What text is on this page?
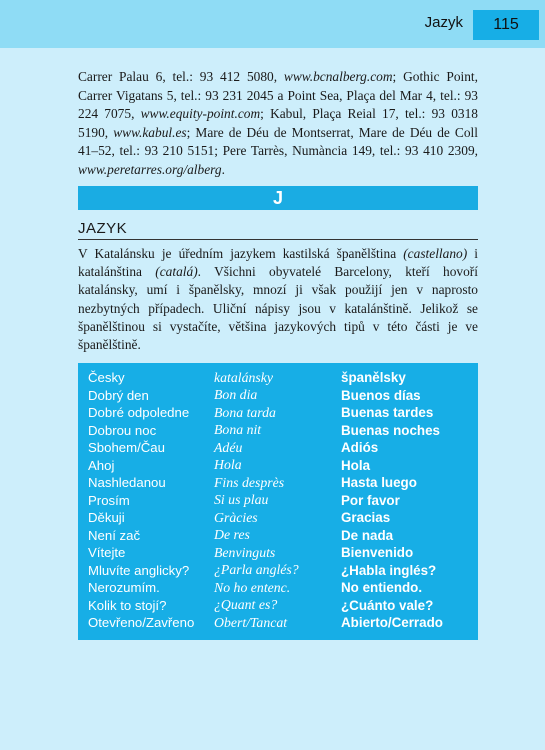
Jazyk	115

Carrer Palau 6, tel.: 93 412 5080, www.bcnalberg.com; Gothic Point, Carrer Vigatans 5, tel.: 93 231 2045 a Point Sea, Plaça del Mar 4, tel.: 93 224 7075, www.equity-point.com; Kabul, Plaça Reial 17, tel.: 93 0318 5190, www.kabul.es; Mare de Déu de Montserrat, Mare de Déu de Coll 41–52, tel.: 93 210 5151; Pere Tarrès, Numància 149, tel.: 93 410 2309, www.peretarres.org/alberg.

J
JAZYK

V Katalánsku je úředním jazykem kastilská španělština (castellano) i katalánština (catalá). Všichni obyvatelé Barcelony, kteří hovoří katalánsky, umí i španělsky, mnozí ji však použijí jen v naprosto nezbytných případech. Uliční nápisy jsou v katalánštině. Jelikož se španělštinou si vystačíte, většina jazykových tipů v této části je ve španělštině.

Česky	katalánsky	španělsky
Dobrý den	Bon dia	Buenos días
Dobré odpoledne	Bona tarda	Buenas tardes
Dobrou noc	Bona nit	Buenas noches
Sbohem/Čau	Adéu	Adiós
Ahoj	Hola	Hola
Nashledanou	Fins desprès	Hasta luego
Prosím	Si us plau	Por favor
Děkuji	Gràcies	Gracias
Není zač	De res	De nada
Vítejte	Benvinguts	Bienvenido
Mluvíte anglicky?	¿Parla anglés?	¿Habla inglés?
Nerozumím.	No ho entenc.	No entiendo.
Kolik to stojí?	¿Quant es?	¿Cuánto vale?
Otevřeno/Zavřeno	Obert/Tancat	Abierto/Cerrado
